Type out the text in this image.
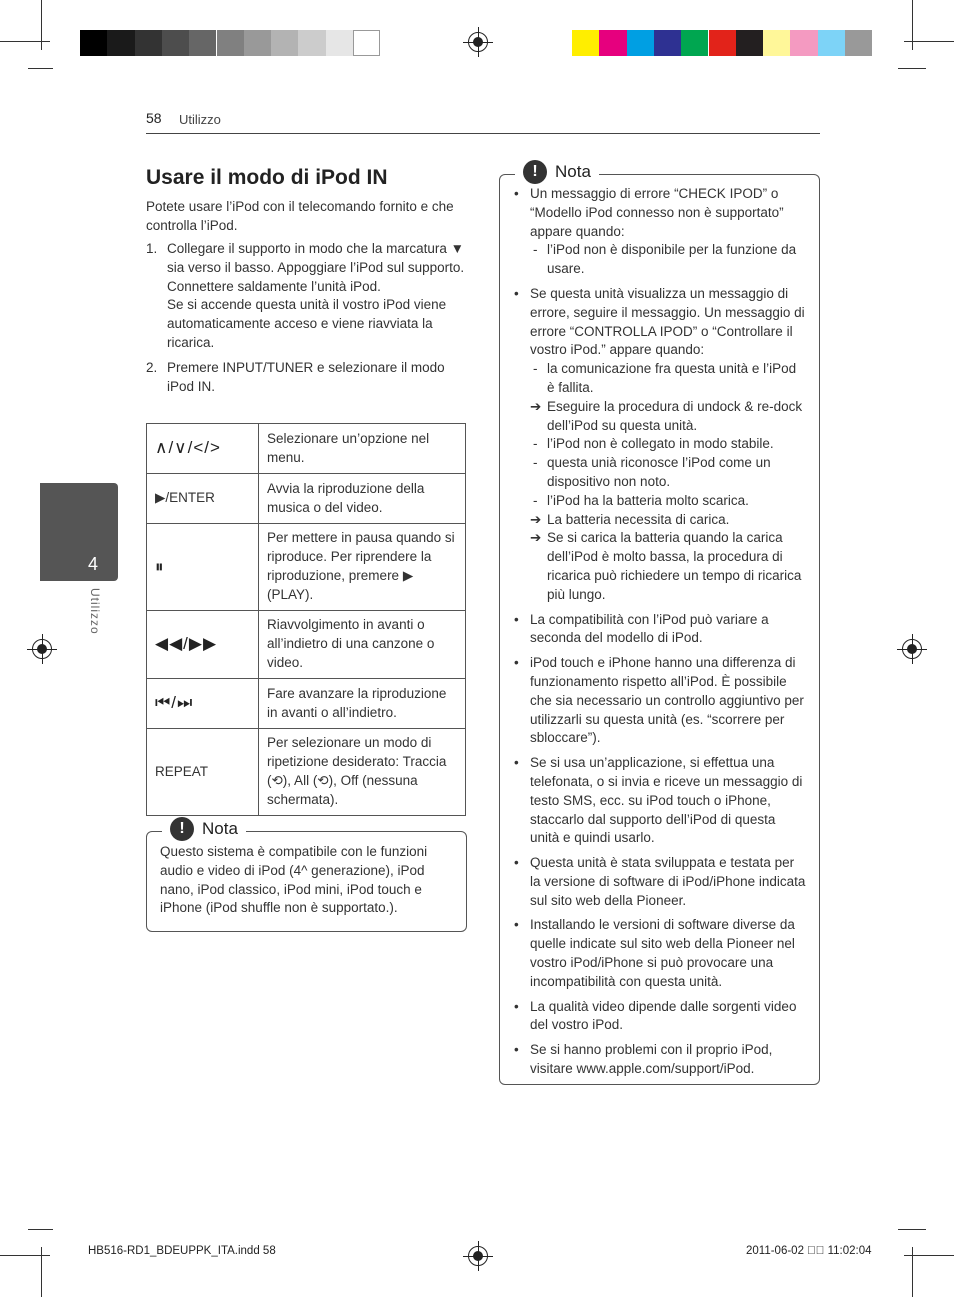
58 Utilizzo
4
Utilizzo
Usare il modo di iPod IN
Potete usare l’iPod con il telecomando fornito e che controlla l’iPod.
1. Collegare il supporto in modo che la marcatura ▼ sia verso il basso. Appoggiare l’iPod sul supporto.
Connettere saldamente l’unità iPod.
Se si accende questa unità il vostro iPod viene automaticamente acceso e viene riavviata la ricarica.
2. Premere INPUT/TUNER e selezionare il modo iPod IN.
∧/∨/</>	Selezionare un’opzione nel menu.
▶/ENTER	Avvia la riproduzione della musica o del video.
⏸	Per mettere in pausa quando si riproduce. Per riprendere la riproduzione, premere ▶ (PLAY).
◀◀/▶▶	Riavvolgimento in avanti o all’indietro di una canzone o video.
⏮/⏭	Fare avanzare la riproduzione in avanti o all’indietro.
REPEAT	Per selezionare un modo di ripetizione desiderato: Traccia (⟲), All (⟲), Off (nessuna schermata).
Questo sistema è compatibile con le funzioni audio e video di iPod (4^ generazione), iPod nano, iPod classico, iPod mini, iPod touch e iPhone (iPod shuffle non è supportato.).
!	Nota
!	Nota
• Un messaggio di errore “CHECK IPOD” o “Modello iPod connesso non è supportato” appare quando:
- l’iPod non è disponibile per la funzione da usare.
• Se questa unità visualizza un messaggio di errore, seguire il messaggio. Un messaggio di errore “CONTROLLA IPOD” o “Controllare il vostro iPod.” appare quando:
- la comunicazione fra questa unità e l’iPod è fallita.
➔ Eseguire la procedura di undock & re-dock dell’iPod su questa unità.
- l’iPod non è collegato in modo stabile.
- questa unià riconosce l’iPod come un dispositivo non noto.
- l’iPod ha la batteria molto scarica.
➔ La batteria necessita di carica.
➔ Se si carica la batteria quando la carica dell’iPod è molto bassa, la procedura di ricarica può richiedere un tempo di ricarica più lungo.
• La compatibilità con l’iPod può variare a seconda del modello di iPod.
• iPod touch e iPhone hanno una differenza di funzionamento rispetto all’iPod. È possibile che sia necessario un controllo aggiuntivo per utilizzarli su questa unità (es. “scorrere per sbloccare”).
• Se si usa un’applicazione, si effettua una telefonata, o si invia e riceve un messaggio di testo SMS, ecc. su iPod touch o iPhone, staccarlo dal supporto dell’iPod di questa unità e quindi usarlo.
• Questa unità è stata sviluppata e testata per la versione di software di iPod/iPhone indicata sul sito web della Pioneer.
• Installando le versioni di software diverse da quelle indicate sul sito web della Pioneer nel vostro iPod/iPhone si può provocare una incompatibilità con questa unità.
• La qualità video dipende dalle sorgenti video del vostro iPod.
• Se si hanno problemi con il proprio iPod, visitare www.apple.com/support/iPod.
HB516-RD1_BDEUPPK_ITA.indd 58	2011-06-02 ￿￿ 11:02:04
